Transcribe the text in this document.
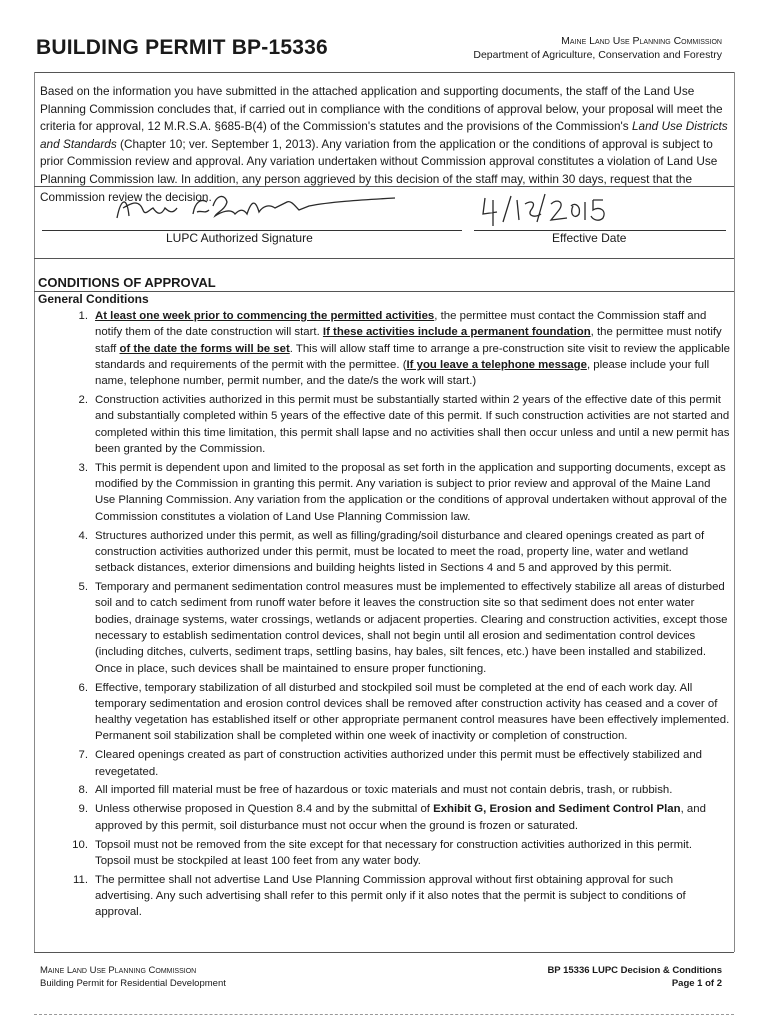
BUILDING PERMIT BP-15336	Maine Land Use Planning Commission
Department of Agriculture, Conservation and Forestry
Based on the information you have submitted in the attached application and supporting documents, the staff of the Land Use Planning Commission concludes that, if carried out in compliance with the conditions of approval below, your proposal will meet the criteria for approval, 12 M.R.S.A. §685-B(4) of the Commission's statutes and the provisions of the Commission's Land Use Districts and Standards (Chapter 10; ver. September 1, 2013). Any variation from the application or the conditions of approval is subject to prior Commission review and approval. Any variation undertaken without Commission approval constitutes a violation of Land Use Planning Commission law. In addition, any person aggrieved by this decision of the staff may, within 30 days, request that the Commission review the decision.
LUPC Authorized Signature	Effective Date
CONDITIONS OF APPROVAL
General Conditions
1. At least one week prior to commencing the permitted activities, the permittee must contact the Commission staff and notify them of the date construction will start. If these activities include a permanent foundation, the permittee must notify staff of the date the forms will be set. This will allow staff time to arrange a pre-construction site visit to review the applicable standards and requirements of the permit with the permittee. (If you leave a telephone message, please include your full name, telephone number, permit number, and the date/s the work will start.)
2. Construction activities authorized in this permit must be substantially started within 2 years of the effective date of this permit and substantially completed within 5 years of the effective date of this permit. If such construction activities are not started and completed within this time limitation, this permit shall lapse and no activities shall then occur unless and until a new permit has been granted by the Commission.
3. This permit is dependent upon and limited to the proposal as set forth in the application and supporting documents, except as modified by the Commission in granting this permit. Any variation is subject to prior review and approval of the Maine Land Use Planning Commission. Any variation from the application or the conditions of approval undertaken without approval of the Commission constitutes a violation of Land Use Planning Commission law.
4. Structures authorized under this permit, as well as filling/grading/soil disturbance and cleared openings created as part of construction activities authorized under this permit, must be located to meet the road, property line, water and wetland setback distances, exterior dimensions and building heights listed in Sections 4 and 5 and approved by this permit.
5. Temporary and permanent sedimentation control measures must be implemented to effectively stabilize all areas of disturbed soil and to catch sediment from runoff water before it leaves the construction site so that sediment does not enter water bodies, drainage systems, water crossings, wetlands or adjacent properties. Clearing and construction activities, except those necessary to establish sedimentation control devices, shall not begin until all erosion and sedimentation control devices (including ditches, culverts, sediment traps, settling basins, hay bales, silt fences, etc.) have been installed and stabilized. Once in place, such devices shall be maintained to ensure proper functioning.
6. Effective, temporary stabilization of all disturbed and stockpiled soil must be completed at the end of each work day. All temporary sedimentation and erosion control devices shall be removed after construction activity has ceased and a cover of healthy vegetation has established itself or other appropriate permanent control measures have been effectively implemented. Permanent soil stabilization shall be completed within one week of inactivity or completion of construction.
7. Cleared openings created as part of construction activities authorized under this permit must be effectively stabilized and revegetated.
8. All imported fill material must be free of hazardous or toxic materials and must not contain debris, trash, or rubbish.
9. Unless otherwise proposed in Question 8.4 and by the submittal of Exhibit G, Erosion and Sediment Control Plan, and approved by this permit, soil disturbance must not occur when the ground is frozen or saturated.
10. Topsoil must not be removed from the site except for that necessary for construction activities authorized in this permit. Topsoil must be stockpiled at least 100 feet from any water body.
11. The permittee shall not advertise Land Use Planning Commission approval without first obtaining approval for such advertising. Any such advertising shall refer to this permit only if it also notes that the permit is subject to conditions of approval.
Maine Land Use Planning Commission
Building Permit for Residential Development
BP 15336 LUPC Decision & Conditions
Page 1 of 2
